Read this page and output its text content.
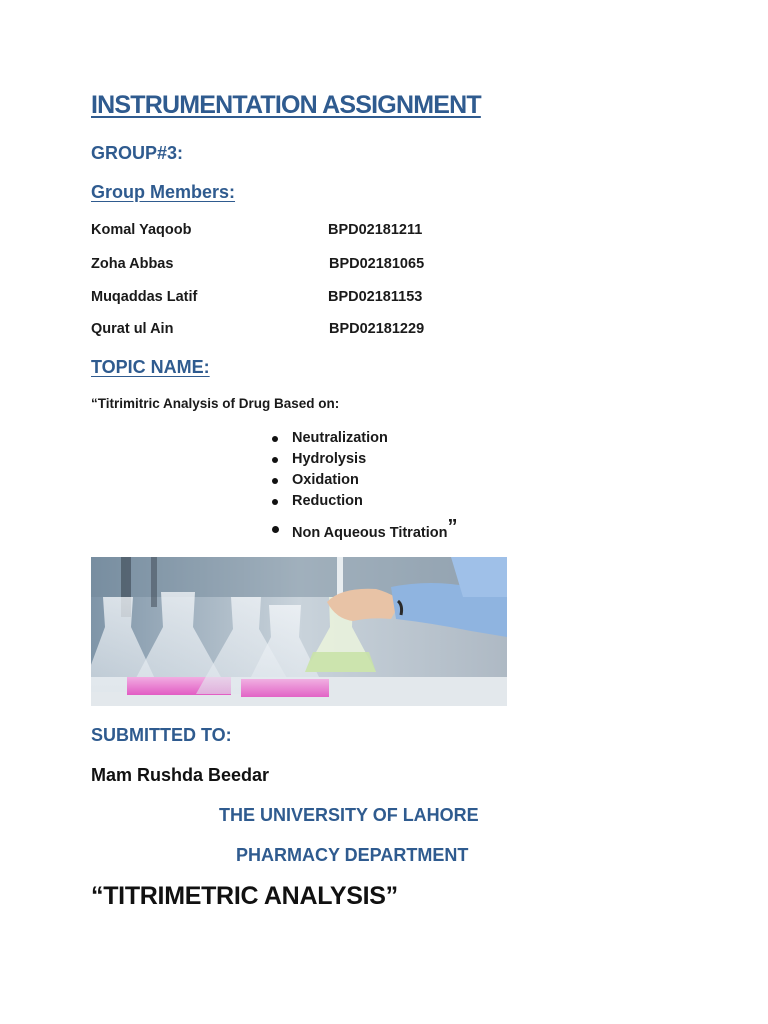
INSTRUMENTATION ASSIGNMENT
GROUP#3:
Group Members:
Komal Yaqoob	BPD02181211
Zoha Abbas	BPD02181065
Muqaddas Latif	BPD02181153
Qurat ul Ain	BPD02181229
TOPIC NAME:
“Titrimitric Analysis of Drug Based on:
Neutralization
Hydrolysis
Oxidation
Reduction
Non Aqueous Titration”
SUBMITTED TO:
Mam Rushda Beedar
THE UNIVERSITY OF LAHORE
PHARMACY DEPARTMENT
“TITRIMETRIC ANALYSIS”
